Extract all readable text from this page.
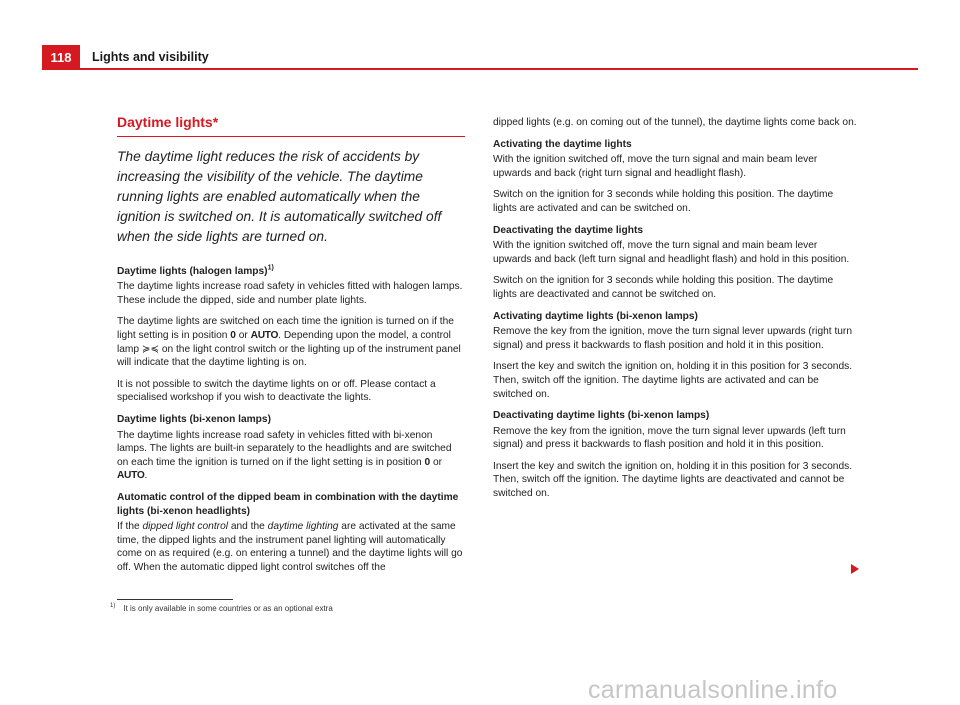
118	Lights and visibility
Daytime lights*

The daytime light reduces the risk of accidents by increasing the visibility of the vehicle. The daytime running lights are enabled automatically when the ignition is switched on. It is automatically switched off when the side lights are turned on.

Daytime lights (halogen lamps)$^{1)}$

The daytime lights increase road safety in vehicles fitted with halogen lamps. These include the dipped, side and number plate lights.

The daytime lights are switched on each time the ignition is turned on if the light setting is in position 0 or AUTO. Depending upon the model, a control lamp ≽≼ on the light control switch or the lighting up of the instrument panel will indicate that the daytime lighting is on.

It is not possible to switch the daytime lights on or off. Please contact a specialised workshop if you wish to deactivate the lights.

Daytime lights (bi-xenon lamps)

The daytime lights increase road safety in vehicles fitted with bi-xenon lamps. The lights are built-in separately to the headlights and are switched on each time the ignition is turned on if the light setting is in position 0 or AUTO.

Automatic control of the dipped beam in combination with the daytime lights (bi-xenon headlights)

If the dipped light control and the daytime lighting are activated at the same time, the dipped lights and the instrument panel lighting will automatically come on as required (e.g. on entering a tunnel) and the daytime lights will go off. When the automatic dipped light control switches off the

dipped lights (e.g. on coming out of the tunnel), the daytime lights come back on.

Activating the daytime lights

With the ignition switched off, move the turn signal and main beam lever upwards and back (right turn signal and headlight flash).

Switch on the ignition for 3 seconds while holding this position. The daytime lights are activated and can be switched on.

Deactivating the daytime lights

With the ignition switched off, move the turn signal and main beam lever upwards and back (left turn signal and headlight flash) and hold in this position.

Switch on the ignition for 3 seconds while holding this position. The daytime lights are deactivated and cannot be switched on.

Activating daytime lights (bi-xenon lamps)

Remove the key from the ignition, move the turn signal lever upwards (right turn signal) and press it backwards to flash position and hold it in this position.

Insert the key and switch the ignition on, holding it in this position for 3 seconds. Then, switch off the ignition. The daytime lights are activated and can be switched on.

Deactivating daytime lights (bi-xenon lamps)

Remove the key from the ignition, move the turn signal lever upwards (left turn signal) and press it backwards to flash position and hold it in this position.

Insert the key and switch the ignition on, holding it in this position for 3 seconds. Then, switch off the ignition. The daytime lights are deactivated and cannot be switched on.

$^{1)}$ It is only available in some countries or as an optional extra
carmanualsonline.info
